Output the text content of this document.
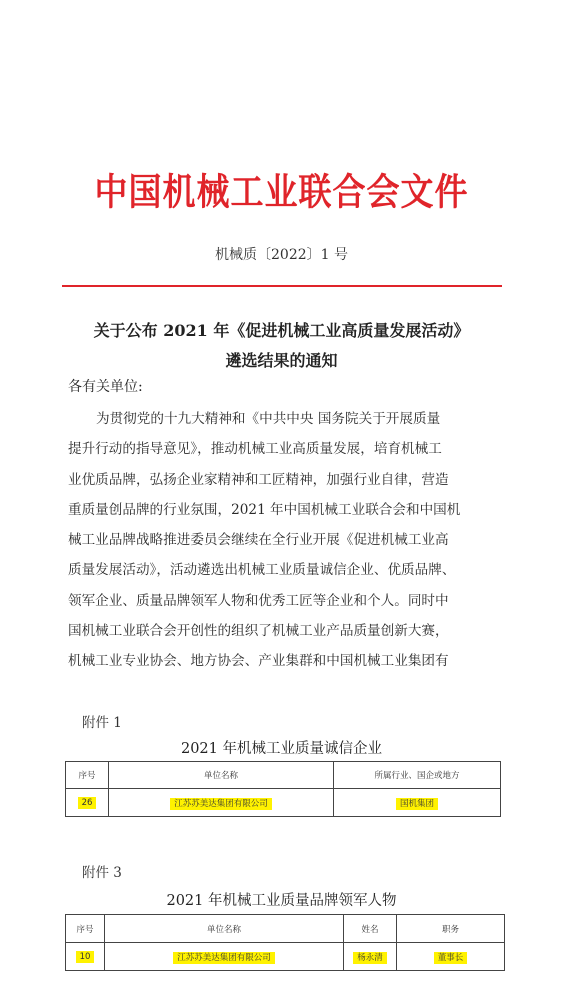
中国机械工业联合会文件
机械质〔2022〕1 号
关于公布 2021 年《促进机械工业高质量发展活动》
遴选结果的通知
各有关单位:
为贯彻党的十九大精神和《中共中央 国务院关于开展质量
提升行动的指导意见》，推动机械工业高质量发展，培育机械工
业优质品牌，弘扬企业家精神和工匠精神，加强行业自律，营造
重质量创品牌的行业氛围，2021 年中国机械工业联合会和中国机
械工业品牌战略推进委员会继续在全行业开展《促进机械工业高
质量发展活动》，活动遴选出机械工业质量诚信企业、优质品牌、
领军企业、质量品牌领军人物和优秀工匠等企业和个人。同时中
国机械工业联合会开创性的组织了机械工业产品质量创新大赛，
机械工业专业协会、地方协会、产业集群和中国机械工业集团有
附件 1
2021 年机械工业质量诚信企业
序号	单位名称	所属行业、国企或地方
26	江苏苏美达集团有限公司	国机集团
附件 3
2021 年机械工业质量品牌领军人物
序号	单位名称	姓名	职务
10	江苏苏美达集团有限公司	杨永清	董事长
